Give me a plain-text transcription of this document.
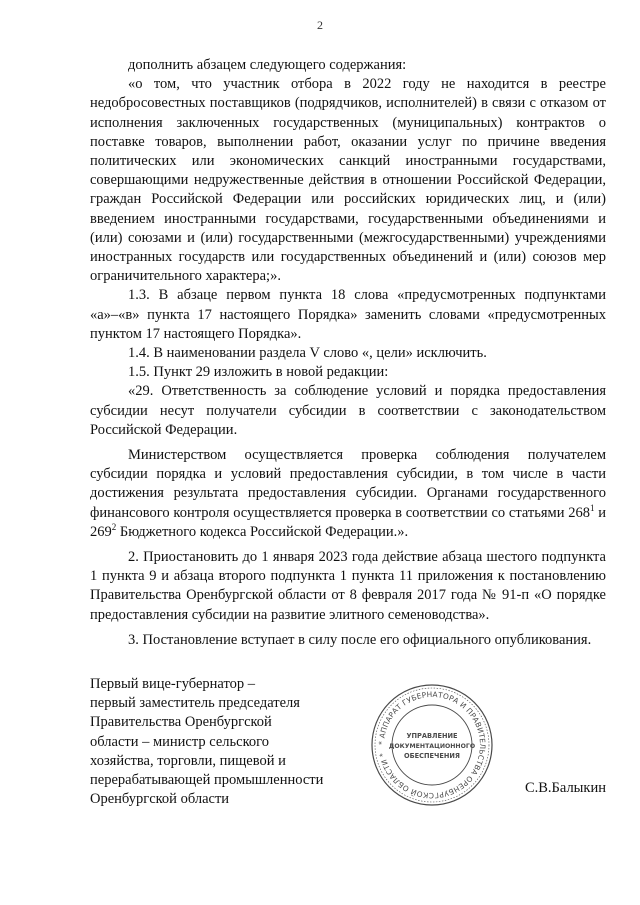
2

дополнить абзацем следующего содержания:

«о том, что участник отбора в 2022 году не находится в реестре недобросовестных поставщиков (подрядчиков, исполнителей) в связи с отказом от исполнения заключенных государственных (муниципальных) контрактов о поставке товаров, выполнении работ, оказании услуг по причине введения политических или экономических санкций иностранными государствами, совершающими недружественные действия в отношении Российской Федерации, граждан Российской Федерации или российских юридических лиц, и (или) введением иностранными государствами, государственными объединениями и (или) союзами и (или) государственными (межгосударственными) учреждениями иностранных государств или государственных объединений и (или) союзов мер ограничительного характера;».

1.3. В абзаце первом пункта 18 слова «предусмотренных подпунктами «а»–«в» пункта 17 настоящего Порядка» заменить словами «предусмотренных пунктом 17 настоящего Порядка».

1.4. В наименовании раздела V слово «, цели» исключить.

1.5. Пункт 29 изложить в новой редакции:

«29. Ответственность за соблюдение условий и порядка предоставления субсидии несут получатели субсидии в соответствии с законодательством Российской Федерации.

Министерством осуществляется проверка соблюдения получателем субсидии порядка и условий предоставления субсидии, в том числе в части достижения результата предоставления субсидии. Органами государственного финансового контроля осуществляется проверка в соответствии со статьями $268^1$ и $269^2$ Бюджетного кодекса Российской Федерации.».

2. Приостановить до 1 января 2023 года действие абзаца шестого подпункта 1 пункта 9 и абзаца второго подпункта 1 пункта 11 приложения к постановлению Правительства Оренбургской области от 8 февраля 2017 года № 91-п «О порядке предоставления субсидии на развитие элитного семеноводства».

3. Постановление вступает в силу после его официального опубликования.

Первый вице-губернатор –
первый заместитель председателя
Правительства Оренбургской
области – министр сельского
хозяйства, торговли, пищевой и
перерабатывающей промышленности
Оренбургской области
С.В.Балыкин
* АППАРАТ ГУБЕРНАТОРА И ПРАВИТЕЛЬСТВА ОРЕНБУРГСКОЙ ОБЛАСТИ *
УПРАВЛЕНИЕ
ДОКУМЕНТАЦИОННОГО
ОБЕСПЕЧЕНИЯ
